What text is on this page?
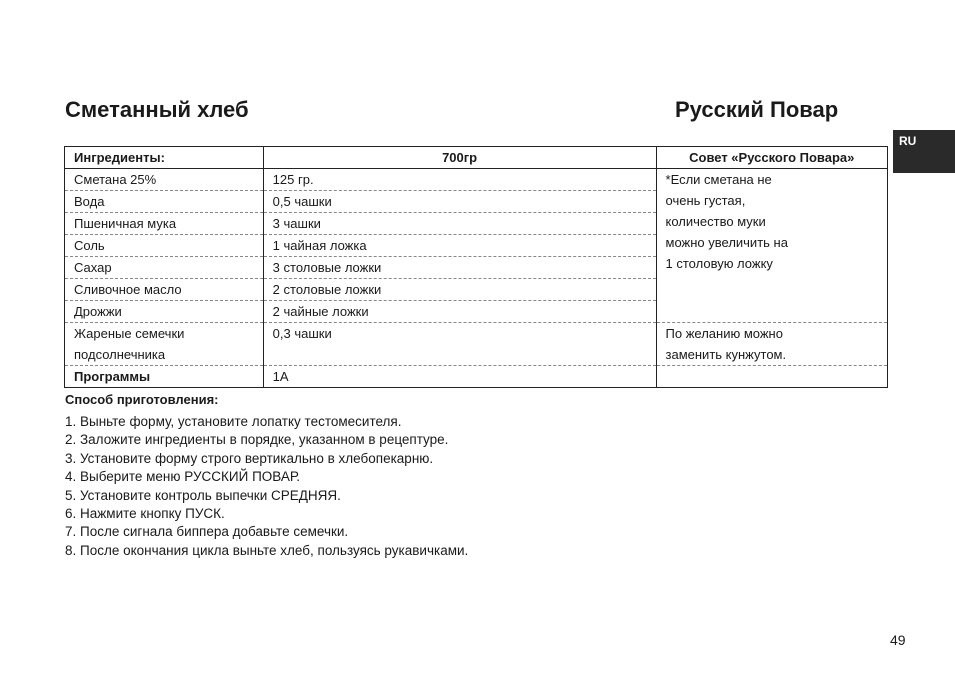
Сметанный хлеб	Русский Повар
RU
Ингредиенты:	700гр	Совет «Русского Повара»
Сметана 25%	125 гр.	*Если сметана не
очень густая,
количество муки
можно увеличить на
1 столовую ложку

Вода	0,5 чашки	
Пшеничная мука	3 чашки	
Соль	1 чайная ложка	
Сахар	3 столовые ложки	
Сливочное масло	2 столовые ложки	
Дрожжи	2 чайные ложки	

Жареные семечки
подсолнечника	0,3 чашки	По желанию можно
заменить кунжутом.

Программы	1А	
Способ приготовления:
1. Выньте форму, установите лопатку тестомесителя.
2. Заложите ингредиенты в порядке, указанном в рецептуре.
3. Установите форму строго вертикально в хлебопекарню.
4. Выберите меню РУССКИЙ ПОВАР.
5. Установите контроль выпечки СРЕДНЯЯ.
6. Нажмите кнопку ПУСК.
7. После сигнала биппера добавьте семечки.
8. После окончания цикла выньте хлеб, пользуясь рукавичками.
49
